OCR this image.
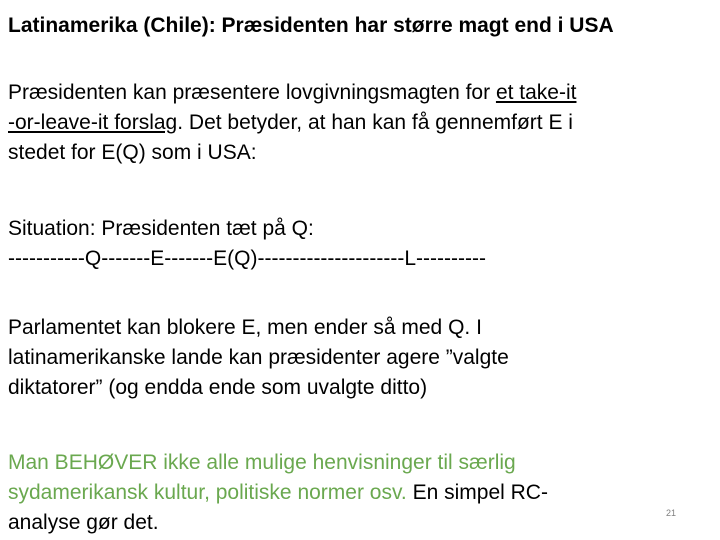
Latinamerika (Chile): Præsidenten har større magt end i USA
Præsidenten kan præsentere lovgivningsmagten for et take-it
-or-leave-it forslag. Det betyder, at han kan få gennemført E i
stedet for E(Q) som i USA:
Situation: Præsidenten tæt på Q:
-----------Q-------E-------E(Q)---------------------L----------
Parlamentet kan blokere E, men ender så med Q. I
latinamerikanske lande kan præsidenter agere ”valgte
diktatorer” (og endda ende som uvalgte ditto)
Man BEHØVER ikke alle mulige henvisninger til særlig
sydamerikansk kultur, politiske normer osv. En simpel RC-
analyse gør det.	21
